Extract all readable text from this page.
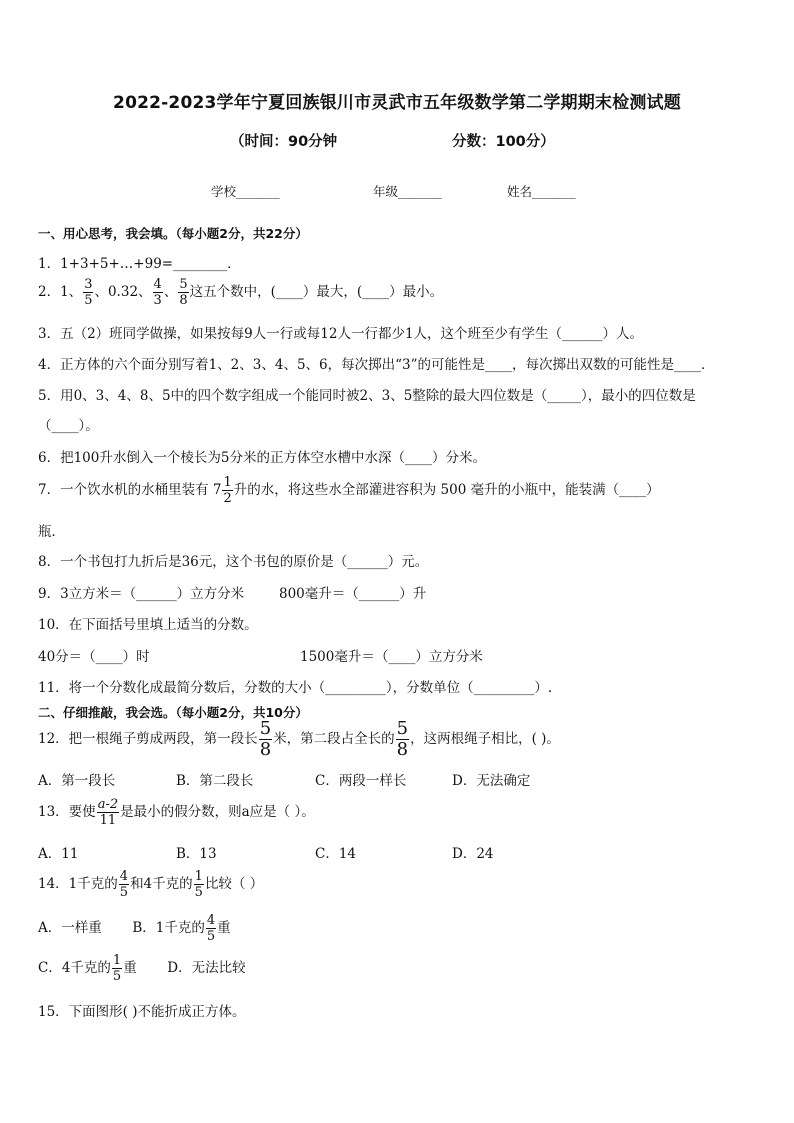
2022-2023学年宁夏回族银川市灵武市五年级数学第二学期期末检测试题
（时间：90分钟	分数：100分）
学校_______	年级_______	姓名_______
一、用心思考，我会填。（每小题2分，共22分）
1．1+3+5+…+99=________．
2．1、 $\frac{3}{5}$ 、0.32、 $\frac{4}{3}$ 、 $\frac{5}{8}$ 这五个数中，(____）最大，(____）最小。
3．五（2）班同学做操，如果按每9人一行或每12人一行都少1人，这个班至少有学生（______）人。
4．正方体的六个面分别写着1、2、3、4、5、6，每次掷出“3”的可能性是____，每次掷出双数的可能性是____．
5．用0、3、4、8、5中的四个数字组成一个能同时被2、3、5整除的最大四位数是（_____），最小的四位数是
（____）。
6．把100升水倒入一个棱长为5分米的正方体空水槽中水深（____）分米。
7．一个饮水机的水桶里装有 $7 \frac{1}{2}$ 升的水，将这些水全部灌进容积为 500 毫升的小瓶中，能装满（____）
瓶．
8．一个书包打九折后是36元，这个书包的原价是（______）元。
9．3立方米＝（______）立方分米	800毫升＝（______）升
10．在下面括号里填上适当的分数。
40分＝（____）时	1500毫升＝（____）立方分米
11．将一个分数化成最简分数后，分数的大小（_________），分数单位（_________）.
二、仔细推敲，我会选。（每小题2分，共10分）
12．把一根绳子剪成两段，第一段长 $\frac{5}{8}$ 米，第二段占全长的 $\frac{5}{8}$ ，这两根绳子相比，( )。
A．第一段长	B．第二段长	C．两段一样长	D．无法确定
13．要使 $\frac{a-2}{11}$ 是最小的假分数，则a应是（ ）。
A．11	B．13	C．14	D．24
14．1千克的 $\frac{4}{5}$ 和4千克的 $\frac{1}{5}$ 比较（ ）
A．一样重 B．1千克的 $\frac{4}{5}$ 重
C．4千克的 $\frac{1}{5}$ 重 D．无法比较
15．下面图形( )不能折成正方体。
